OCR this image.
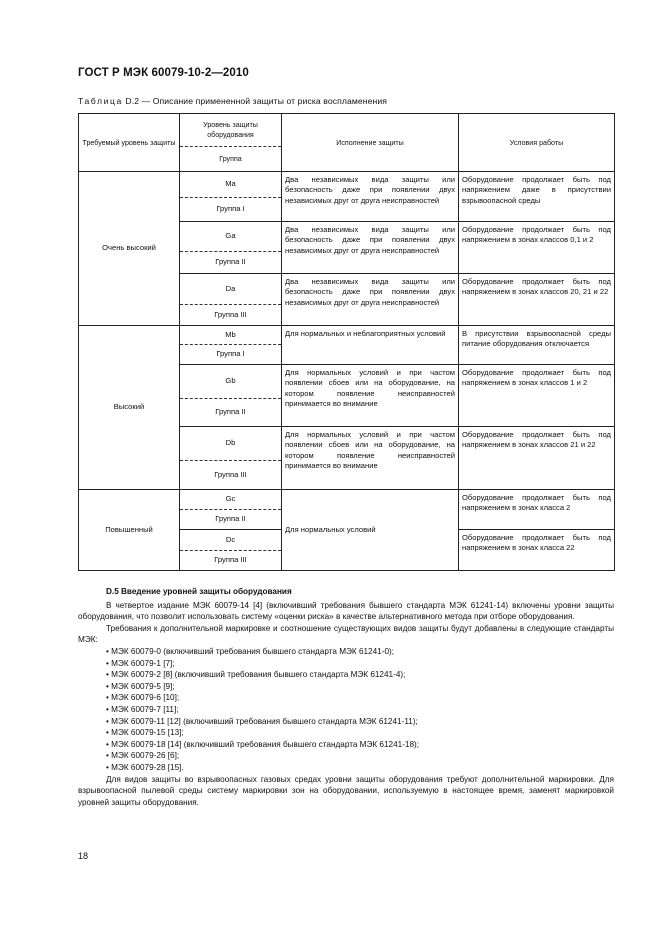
ГОСТ Р МЭК 60079-10-2—2010
Таблица D.2 — Описание примененной защиты от риска воспламенения
Требуемый уровень защиты	Уровень защиты оборудования	Исполнение защиты	Условия работы
	Группа		
Очень высокий	Ma	Два независимых вида защиты или безопасность даже при появлении двух независимых друг от друга неисправностей	Оборудование продолжает быть под напряжением даже в присутствии взрывоопасной среды
	Группа I		
	Ga	Два независимых вида защиты или безопасность даже при появлении двух независимых друг от друга неисправностей	Оборудование продолжает быть под напряжением в зонах классов 0,1 и 2
	Группа II		
	Da	Два независимых вида защиты или безопасность даже при появлении двух независимых друг от друга неисправностей	Оборудование продолжает быть под напряжением в зонах классов 20, 21 и 22
	Группа III		
Высокий	Mb	Для нормальных и неблагоприятных условий	В присутствии взрывоопасной среды питание оборудования отключается
	Группа I		
	Gb	Для нормальных условий и при частом появлении сбоев или на оборудование, на котором появление неисправностей принимается во внимание	Оборудование продолжает быть под напряжением в зонах классов 1 и 2
	Группа II		
	Db	Для нормальных условий и при частом появлении сбоев или на оборудование, на котором появление неисправностей принимается во внимание	Оборудование продолжает быть под напряжением в зонах классов 21 и 22
	Группа III		
Повышенный	Gc	Для нормальных условий	Оборудование продолжает быть под напряжением в зонах класса 2
	Группа II		
	Dc		Оборудование продолжает быть под напряжением в зонах класса 22
	Группа III		

D.5 Введение уровней защиты оборудования

В четвертое издание МЭК 60079-14 [4] (включивший требования бывшего стандарта МЭК 61241-14) включены уровни защиты оборудования, что позволит использовать систему «оценки риска» в качестве альтернативного метода при отборе оборудования.

Требования к дополнительной маркировке и соотношение существующих видов защиты будут добавлены в следующие стандарты МЭК:

• МЭК 60079-0 (включивший требования бывшего стандарта МЭК 61241-0);
• МЭК 60079-1 [7];
• МЭК 60079-2 [8] (включивший требования бывшего стандарта МЭК 61241-4);
• МЭК 60079-5 [9];
• МЭК 60079-6 [10];
• МЭК 60079-7 [11];
• МЭК 60079-11 [12] (включивший требования бывшего стандарта МЭК 61241-11);
• МЭК 60079-15 [13];
• МЭК 60079-18 [14] (включивший требования бывшего стандарта МЭК 61241-18);
• МЭК 60079-26 [6];
• МЭК 60079-28 [15].

Для видов защиты во взрывоопасных газовых средах уровни защиты оборудования требуют дополнительной маркировки. Для взрывоопасной пылевой среды систему маркировки зон на оборудовании, используемую в настоящее время, заменят маркировкой уровней защиты оборудования.

18
